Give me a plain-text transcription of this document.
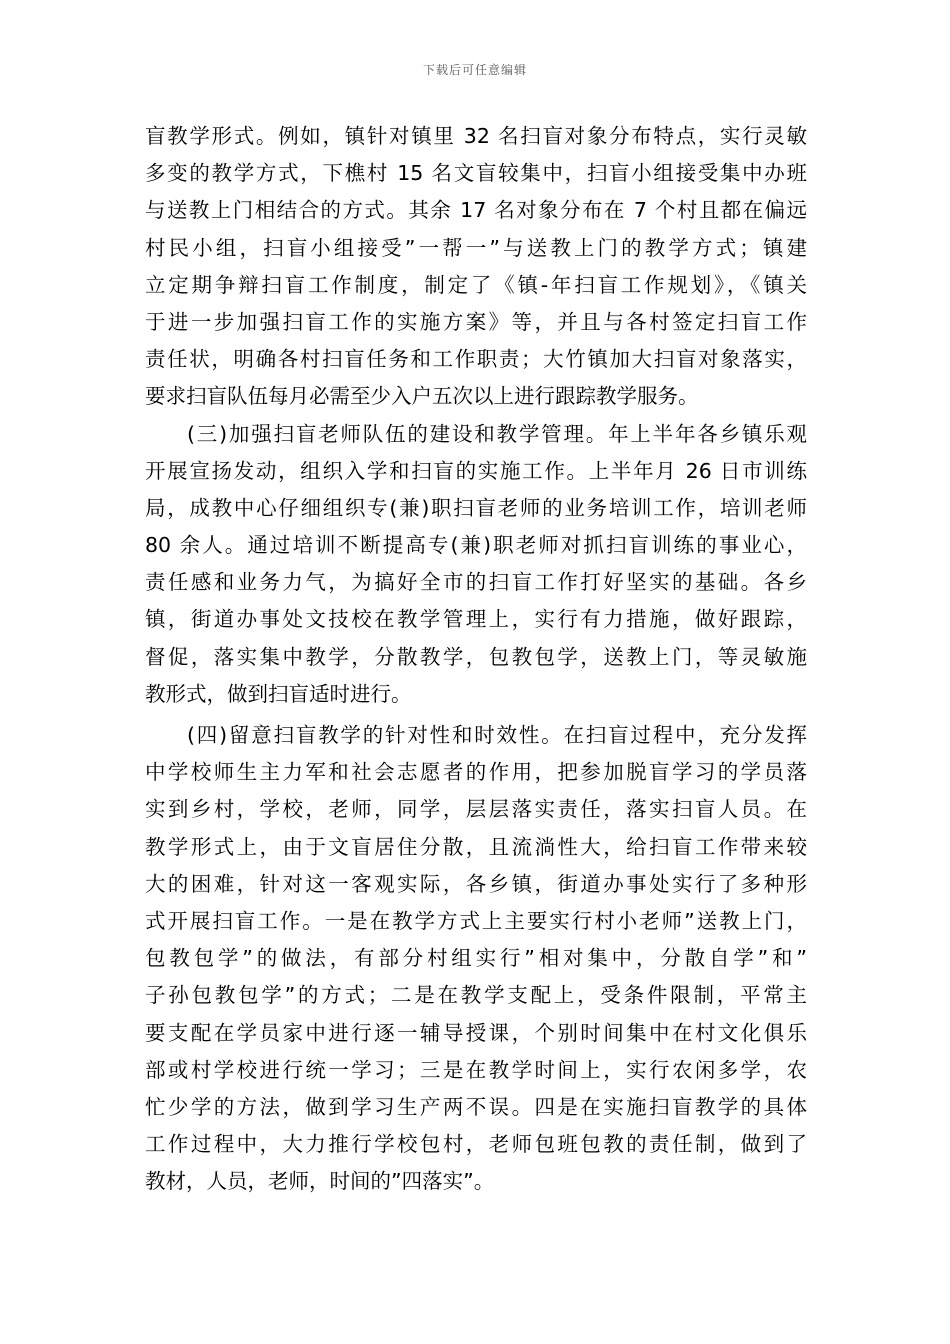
下载后可任意编辑
盲教学形式。例如，镇针对镇里 32 名扫盲对象分布特点，实行灵敏
多变的教学方式，下樵村 15 名文盲较集中，扫盲小组接受集中办班
与送教上门相结合的方式。其余 17 名对象分布在 7 个村且都在偏远
村民小组，扫盲小组接受”一帮一”与送教上门的教学方式；镇建
立定期争辩扫盲工作制度，制定了《镇-年扫盲工作规划》，《镇关
于进一步加强扫盲工作的实施方案》等，并且与各村签定扫盲工作
责任状，明确各村扫盲任务和工作职责；大竹镇加大扫盲对象落实，
要求扫盲队伍每月必需至少入户五次以上进行跟踪教学服务。
(三)加强扫盲老师队伍的建设和教学管理。年上半年各乡镇乐观
开展宣扬发动，组织入学和扫盲的实施工作。上半年月 26 日市训练
局，成教中心仔细组织专(兼)职扫盲老师的业务培训工作，培训老师
80 余人。通过培训不断提高专(兼)职老师对抓扫盲训练的事业心，
责任感和业务力气，为搞好全市的扫盲工作打好坚实的基础。各乡
镇，街道办事处文技校在教学管理上，实行有力措施，做好跟踪，
督促，落实集中教学，分散教学，包教包学，送教上门，等灵敏施
教形式，做到扫盲适时进行。
(四)留意扫盲教学的针对性和时效性。在扫盲过程中，充分发挥
中学校师生主力军和社会志愿者的作用，把参加脱盲学习的学员落
实到乡村，学校，老师，同学，层层落实责任，落实扫盲人员。在
教学形式上，由于文盲居住分散，且流淌性大，给扫盲工作带来较
大的困难，针对这一客观实际，各乡镇，街道办事处实行了多种形
式开展扫盲工作。一是在教学方式上主要实行村小老师”送教上门，
包教包学”的做法，有部分村组实行”相对集中，分散自学”和”
子孙包教包学”的方式；二是在教学支配上，受条件限制，平常主
要支配在学员家中进行逐一辅导授课，个别时间集中在村文化俱乐
部或村学校进行统一学习；三是在教学时间上，实行农闲多学，农
忙少学的方法，做到学习生产两不误。四是在实施扫盲教学的具体
工作过程中，大力推行学校包村，老师包班包教的责任制，做到了
教材，人员，老师，时间的”四落实”。
